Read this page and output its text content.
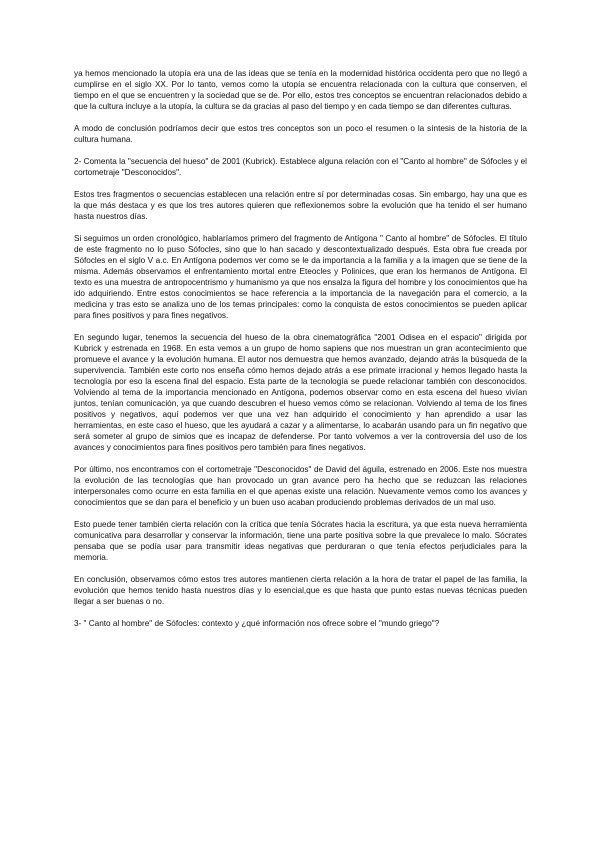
ya hemos mencionado la utopía era una de las ideas que se tenía en la modernidad histórica occidenta pero que no llegó a cumplirse en el siglo XX. Por lo tanto, vemos como la utopía se encuentra relacionada con la cultura que conserven, el tiempo en el que se encuentren y la sociedad que se de. Por ello, estos tres conceptos se encuentran relacionados debido a que la cultura incluye a la utopía, la cultura se da gracias al paso del tiempo y en cada tiempo se dan diferentes culturas.

A modo de conclusión podríamos decir que estos tres conceptos son un poco el resumen o la síntesis de la historia de la cultura humana.

2- Comenta la "secuencia del hueso" de 2001 (Kubrick). Establece alguna relación con el "Canto al hombre" de Sófocles y el cortometraje "Desconocidos".

Estos tres fragmentos o secuencias establecen una relación entre sí por determinadas cosas. Sin embargo, hay una que es la que más destaca y es que los tres autores quieren que reflexionemos sobre la evolución que ha tenido el ser humano hasta nuestros días.

Si seguimos un orden cronológico, hablaríamos primero del fragmento de Antígona " Canto al hombre" de Sófocles. El título de este fragmento no lo puso Sófocles, sino que lo han sacado y descontextualizado después. Esta obra fue creada por Sófocles en el siglo V a.c. En Antígona podemos ver como se le da importancia a la familia y a la imagen que se tiene de la misma. Además observamos el enfrentamiento mortal entre Eteocles y Polinices, que eran los hermanos de Antígona. El texto es una muestra de antropocentrismo y humanismo ya que nos ensalza la figura del hombre y los conocimientos que ha ido adquiriendo. Entre estos conocimientos se hace referencia a la importancia de la navegación para el comercio, a la medicina y tras esto se analiza uno de los temas principales: como la conquista de estos conocimientos se pueden aplicar para fines positivos y para fines negativos.

En segundo lugar, tenemos la secuencia del hueso de la obra cinematográfica "2001 Odisea en el espacio" dirigida por Kubrick y estrenada en 1968. En esta vemos a un grupo de homo sapiens que nos muestran un gran acontecimiento que promueve el avance y la evolución humana. El autor nos demuestra que hemos avanzado, dejando atrás la búsqueda de la supervivencia. También este corto nos enseña cómo hemos dejado atrás a ese primate irracional y hemos llegado hasta la tecnología por eso la escena final del espacio. Esta parte de la tecnología se puede relacionar también con desconocidos. Volviendo al tema de la importancia mencionado en Antígona, podemos observar como en esta escena del hueso vivían juntos, tenían comunicación, ya que cuando descubren el hueso vemos cómo se relacionan. Volviendo al tema de los fines positivos y negativos, aquí podemos ver que una vez han adquirido el conocimiento y han aprendido a usar las herramientas, en este caso el hueso, que les ayudará a cazar y a alimentarse, lo acabarán usando para un fin negativo que será someter al grupo de simios que es incapaz de defenderse. Por tanto volvemos a ver la controversia del uso de los avances y conocimientos para fines positivos pero también para fines negativos.

Por último, nos encontramos con el cortometraje "Desconocidos" de David del águila, estrenado en 2006. Este nos muestra la evolución de las tecnologías que han provocado un gran avance pero ha hecho que se reduzcan las relaciones interpersonales como ocurre en esta familia en el que apenas existe una relación. Nuevamente vemos como los avances y conocimientos que se dan para el beneficio y un buen uso acaban produciendo problemas derivados de un mal uso.

Esto puede tener también cierta relación con la crítica que tenía Sócrates hacia la escritura, ya que esta nueva herramienta comunicativa para desarrollar y conservar la información, tiene una parte positiva sobre la que prevalece lo malo. Sócrates pensaba que se podía usar para transmitir ideas negativas que perduraran o que tenía efectos perjudiciales para la memoria.

En conclusión, observamos cómo estos tres autores mantienen cierta relación a la hora de tratar el papel de las familia, la evolución que hemos tenido hasta nuestros días y lo esencial,que es que hasta que punto estas nuevas técnicas pueden llegar a ser buenas o no.

3- " Canto al hombre" de Sófocles: contexto y ¿qué información nos ofrece sobre el "mundo griego"?
